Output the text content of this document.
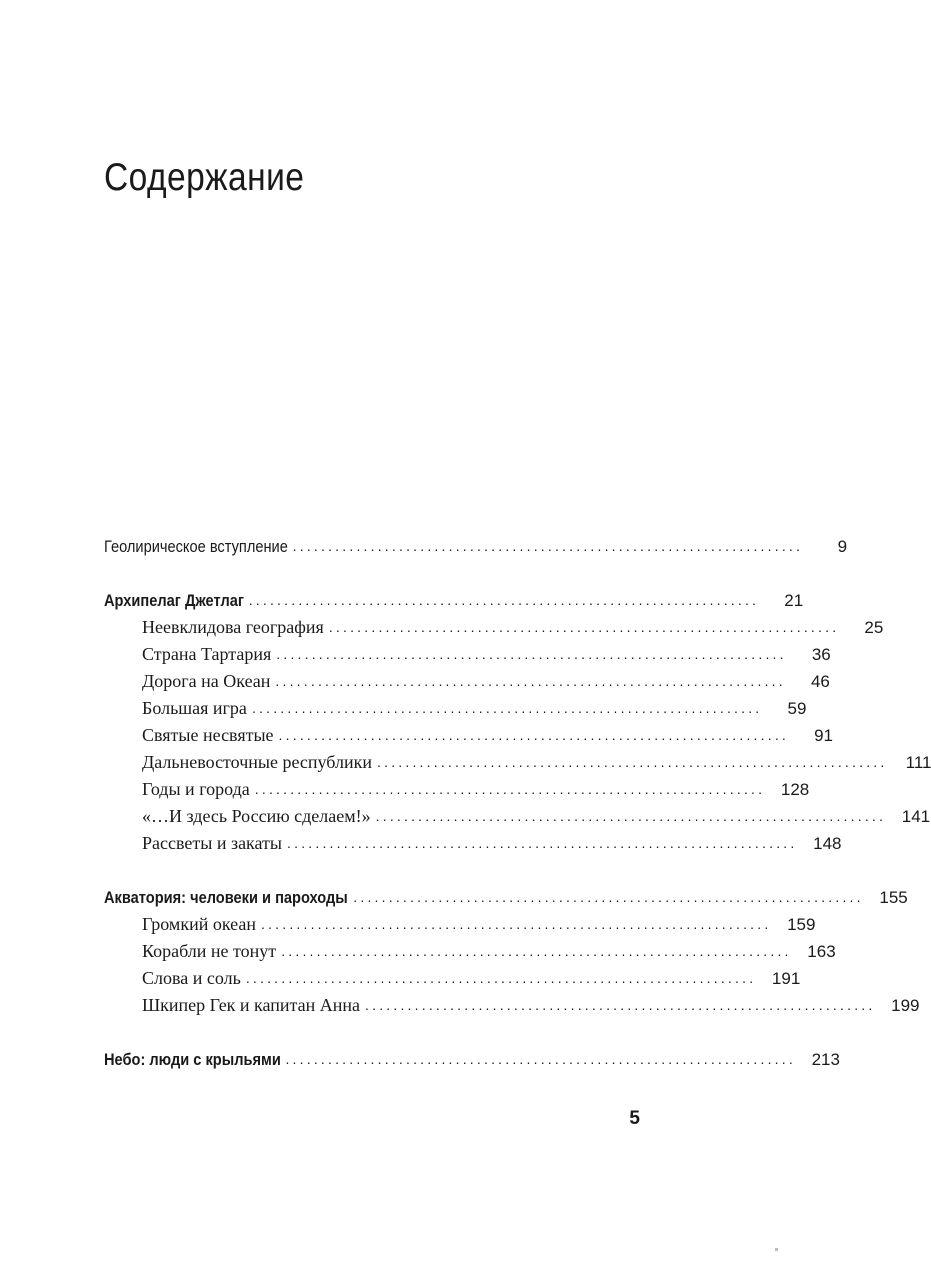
Содержание
Геолирическое вступление ........................................................................	9
Архипелаг Джетлаг ........................................................................	21
Неевклидова география ........................................................................	25
Страна Тартария ........................................................................	36
Дорога на Океан ........................................................................	46
Большая игра ........................................................................	59
Святые несвятые ........................................................................	91
Дальневосточные республики ........................................................................	111
Годы и города ........................................................................ 128
«…И здесь Россию сделаем!» ........................................................................ 141
Рассветы и закаты ........................................................................ 148
Акватория: человеки и пароходы ........................................................................ 155
Громкий океан ........................................................................ 159
Корабли не тонут ........................................................................ 163
Слова и соль ........................................................................ 191
Шкипер Гек и капитан Анна ........................................................................ 199
Небо: люди с крыльями ........................................................................ 213
5
